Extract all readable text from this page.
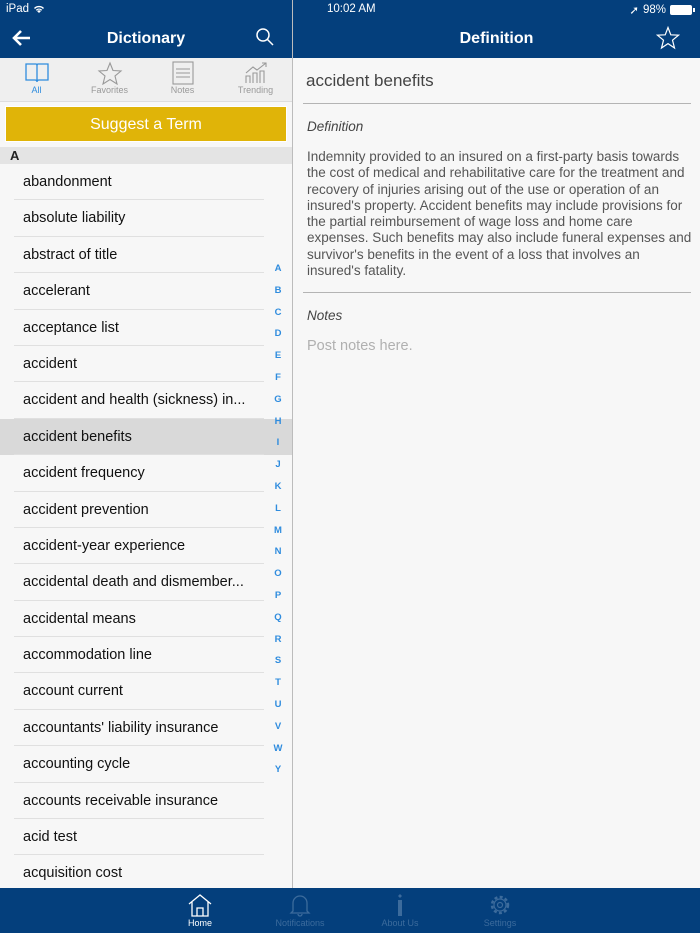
iPad	10:02 AM	➚ 98%
Dictionary
All	Favorites	Notes	Trending
Suggest a Term
A
abandonment
absolute liability
abstract of title
accelerant
acceptance list
accident
accident and health (sickness) in...
accident benefits
accident frequency
accident prevention
accident-year experience
accidental death and dismember...
accidental means
accommodation line
account current
accountants' liability insurance
accounting cycle
accounts receivable insurance
acid test
acquisition cost
A
B
C
D
E
F
G
H
I
J
K
L
M
N
O
P
Q
R
S
T
U
V
W
Y
Definition
accident benefits
Definition
Indemnity provided to an insured on a first-party basis towards the cost of medical and rehabilitative care for the treatment and recovery of injuries arising out of the use or operation of an insured's property. Accident benefits may include provisions for the partial reimbursement of wage loss and home care expenses. Such benefits may also include funeral expenses and survivor's benefits in the event of a loss that involves an insured's fatality.
Notes
Post notes here.
Home	Notifications	About Us	Settings
